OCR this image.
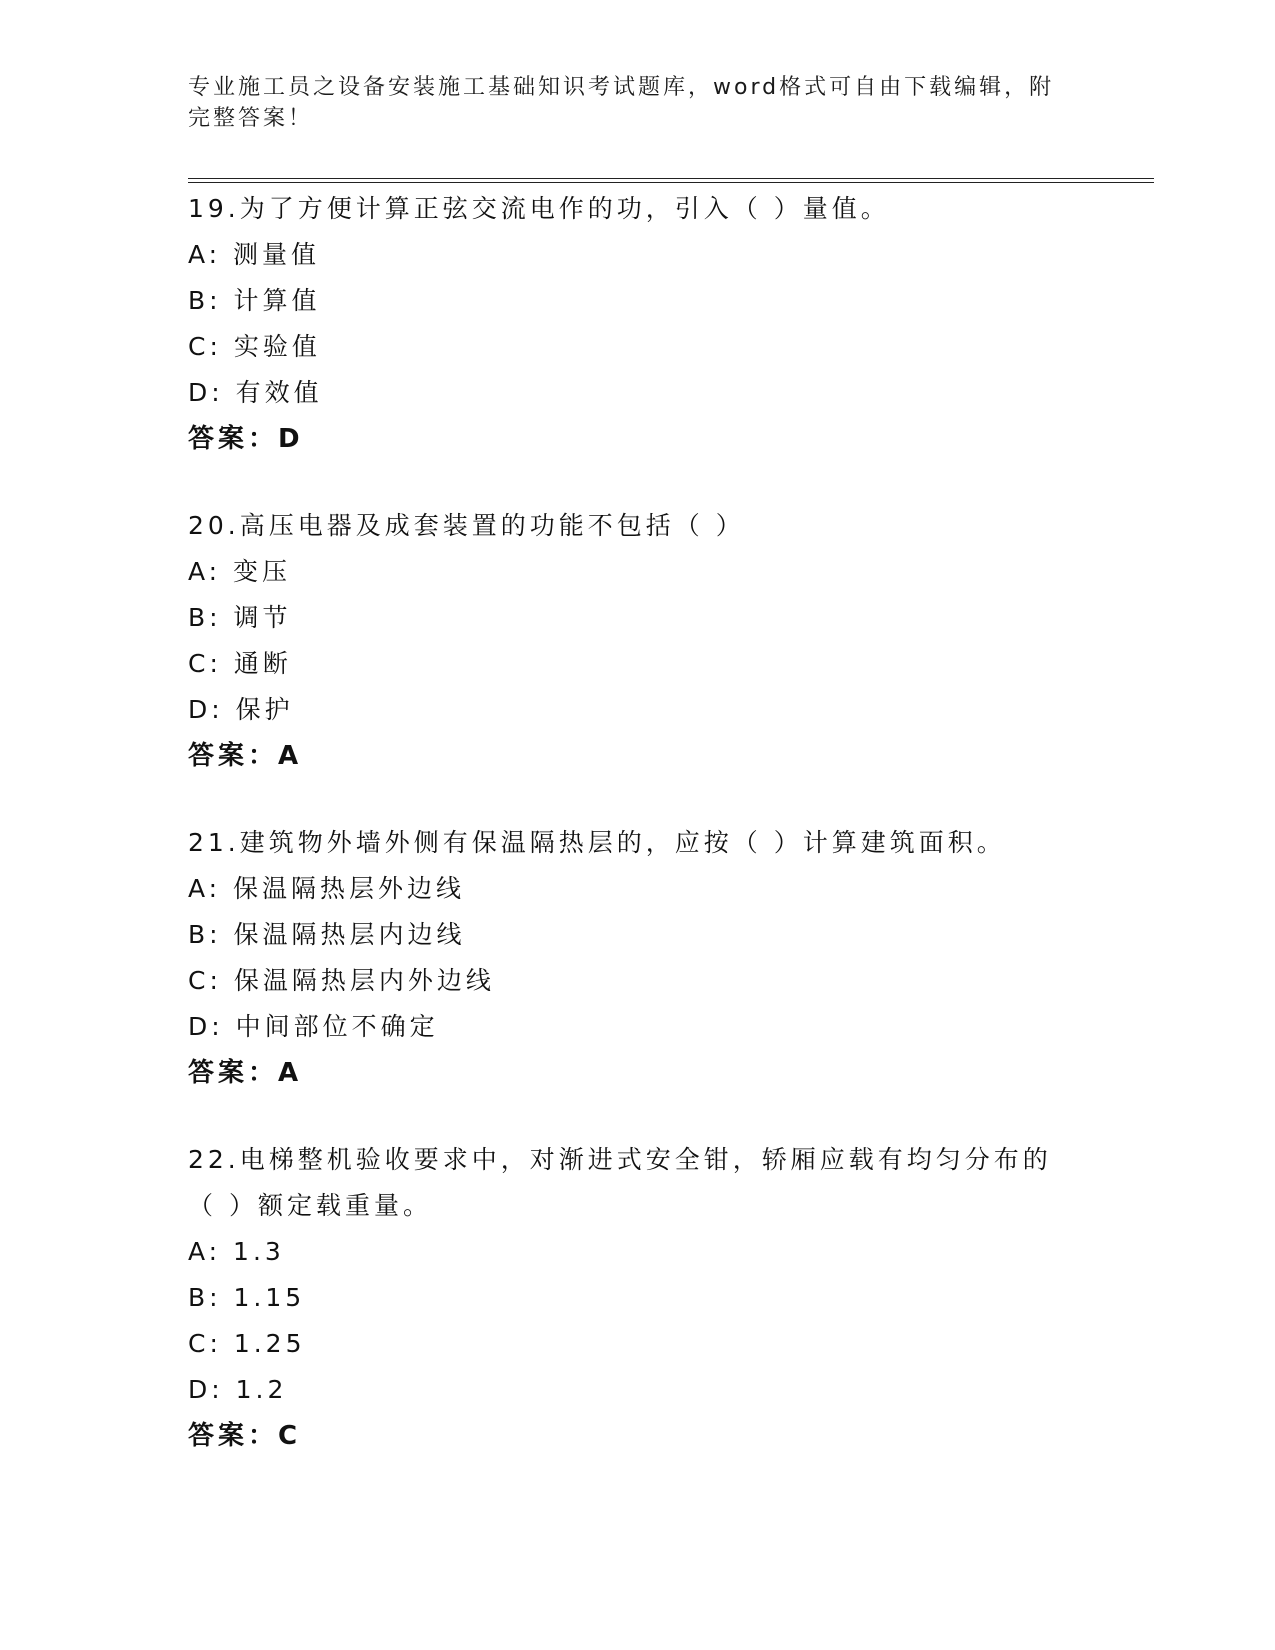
专业施工员之设备安装施工基础知识考试题库，word格式可自由下载编辑，附完整答案！
19.为了方便计算正弦交流电作的功，引入（ ）量值。
A: 测量值
B: 计算值
C: 实验值
D: 有效值
答案：D
20.高压电器及成套装置的功能不包括（ ）
A: 变压
B: 调节
C: 通断
D: 保护
答案：A
21.建筑物外墙外侧有保温隔热层的，应按（ ）计算建筑面积。
A: 保温隔热层外边线
B: 保温隔热层内边线
C: 保温隔热层内外边线
D: 中间部位不确定
答案：A
22.电梯整机验收要求中，对渐进式安全钳，轿厢应载有均匀分布的（ ）额定载重量。
A: 1.3
B: 1.15
C: 1.25
D: 1.2
答案：C
